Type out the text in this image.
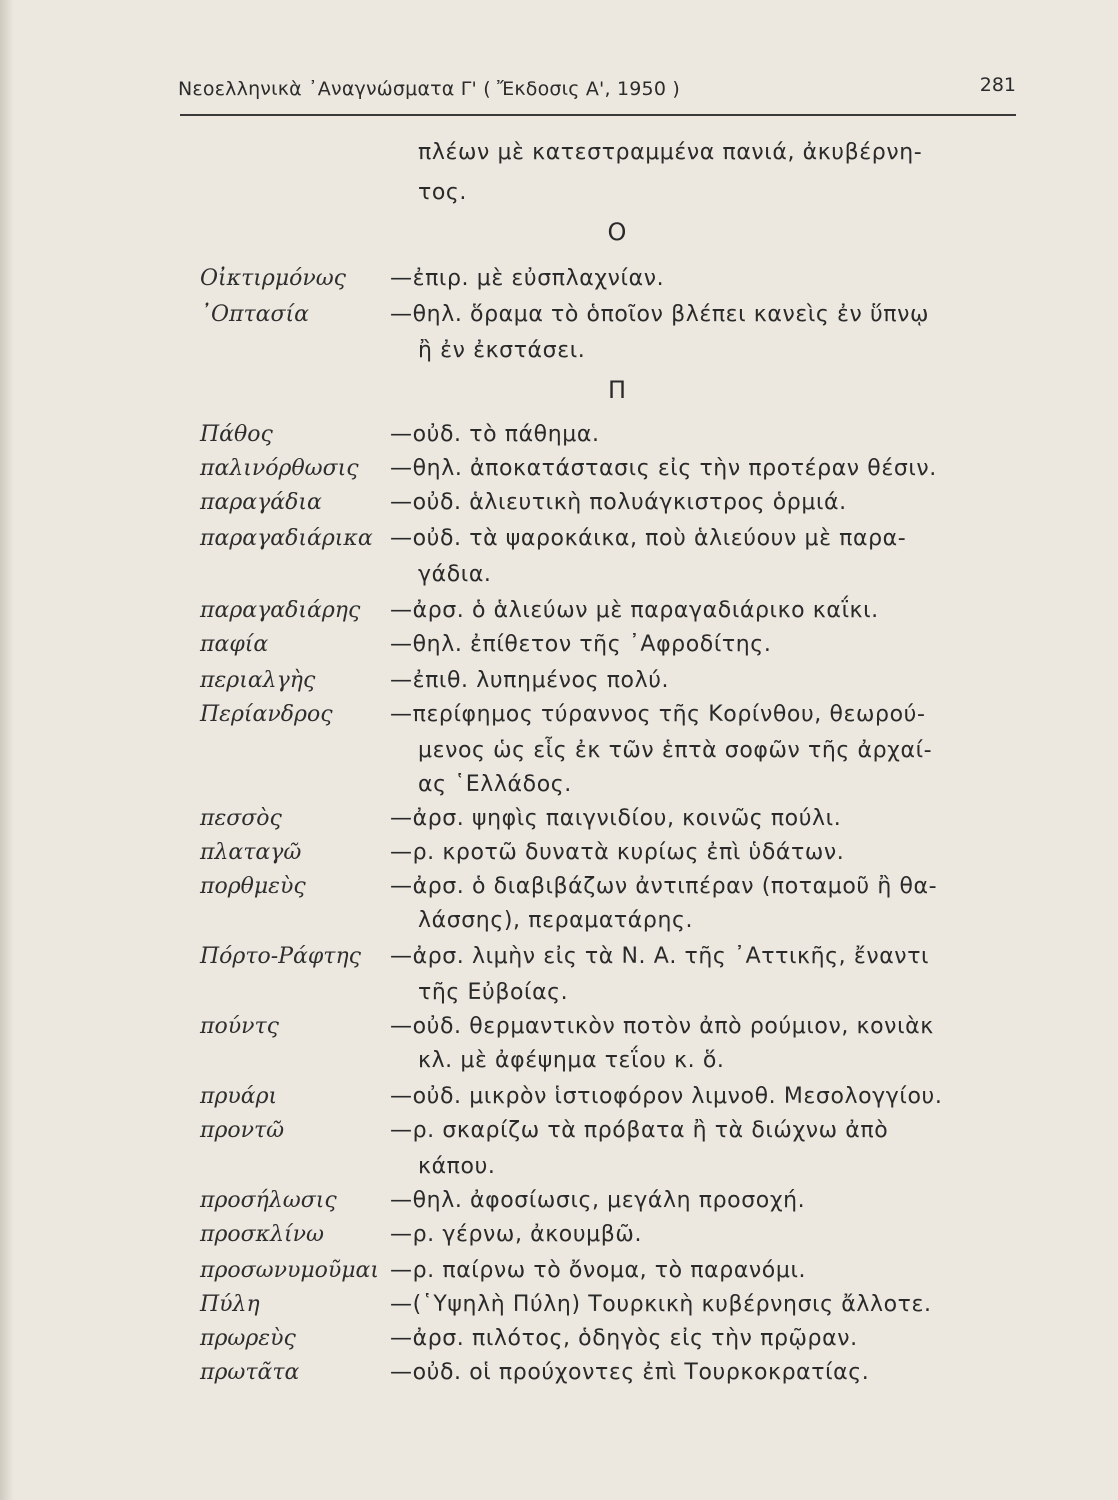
Νεοελληνικὰ ᾿Αναγνώσματα Γ' ( Ἔκδοσις Α', 1950 )	281
πλέων μὲ κατεστραμμένα πανιά, ἀκυβέρνη-
τος.
Ο
Οἰκτιρμόνως —ἐπιρ. μὲ εὐσπλαχνίαν.
᾿Οπτασία	—θηλ. ὅραμα τὸ ὁποῖον βλέπει κανεὶς ἐν ὕπνῳ
ἢ ἐν ἐκστάσει.
Π
Πάθος	—οὐδ. τὸ πάθημα.
παλινόρθωσις —θηλ. ἀποκατάστασις εἰς τὴν προτέραν θέσιν.
παραγάδια	—οὐδ. ἁλιευτικὴ πολυάγκιστρος ὁρμιά.
παραγαδιάρικα —οὐδ. τὰ ψαροκάικα, ποὺ ἁλιεύουν μὲ παρα-
γάδια.
παραγαδιάρης —ἀρσ. ὁ ἁλιεύων μὲ παραγαδιάρικο καΐκι.
παφία	—θηλ. ἐπίθετον τῆς ᾿Αφροδίτης.
περιαλγὴς	—ἐπιθ. λυπημένος πολύ.
Περίανδρος	—περίφημος τύραννος τῆς Κορίνθου, θεωρού-
μενος ὡς εἷς ἐκ τῶν ἑπτὰ σοφῶν τῆς ἀρχαί-
ας ῾Ελλάδος.
πεσσὸς	—ἀρσ. ψηφὶς παιγνιδίου, κοινῶς πούλι.
πλαταγῶ	—ρ. κροτῶ δυνατὰ κυρίως ἐπὶ ὑδάτων.
πορθμεὺς	—ἀρσ. ὁ διαβιβάζων ἀντιπέραν (ποταμοῦ ἢ θα-
λάσσης), περαματάρης.
Πόρτο-Ράφτης —ἀρσ. λιμὴν εἰς τὰ Ν. Α. τῆς ᾿Αττικῆς, ἔναντι
τῆς Εὐβοίας.
πούντς	—οὐδ. θερμαντικὸν ποτὸν ἀπὸ ρούμιον, κονιὰκ
κλ. μὲ ἀφέψημα τεΐου κ. ὅ.
πρυάρι	—οὐδ. μικρὸν ἱστιοφόρον λιμνοθ. Μεσολογγίου.
προντῶ	—ρ. σκαρίζω τὰ πρόβατα ἢ τὰ διώχνω ἀπὸ
κάπου.
προσήλωσις —θηλ. ἀφοσίωσις, μεγάλη προσοχή.
προσκλίνω	—ρ. γέρνω, ἀκουμβῶ.
προσωνυμοῦμαι —ρ. παίρνω τὸ ὄνομα, τὸ παρανόμι.
Πύλη	—(῾Υψηλὴ Πύλη) Τουρκικὴ κυβέρνησις ἄλλοτε.
πρωρεὺς	—ἀρσ. πιλότος, ὁδηγὸς εἰς τὴν πρῷραν.
πρωτᾶτα	—οὐδ. οἱ προύχοντες ἐπὶ Τουρκοκρατίας.
